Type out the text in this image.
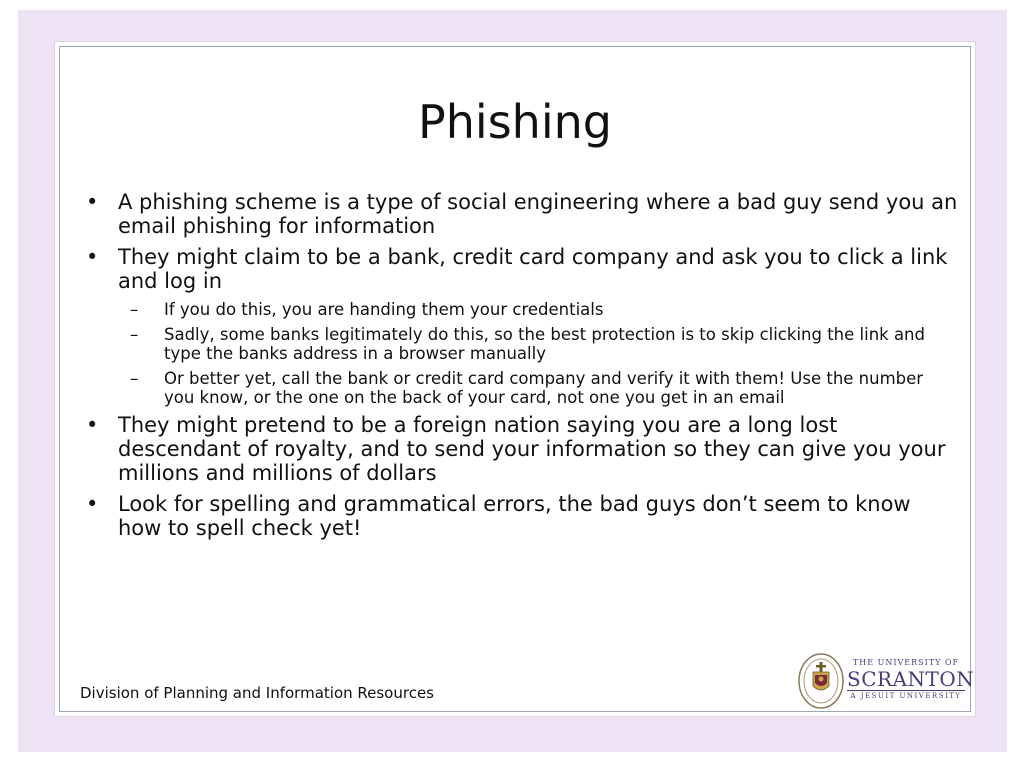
Phishing
• A phishing scheme is a type of social engineering where a bad guy send you an email phishing for information
• They might claim to be a bank, credit card company and ask you to click a link and log in
– If you do this, you are handing them your credentials
– Sadly, some banks legitimately do this, so the best protection is to skip clicking the link and type the banks address in a browser manually
– Or better yet, call the bank or credit card company and verify it with them! Use the number you know, or the one on the back of your card, not one you get in an email
• They might pretend to be a foreign nation saying you are a long lost descendant of royalty, and to send your information so they can give you your millions and millions of dollars
• Look for spelling and grammatical errors, the bad guys don’t seem to know how to spell check yet!
Division of Planning and Information Resources
THE UNIVERSITY OF
SCRANTON
A JESUIT UNIVERSITY
